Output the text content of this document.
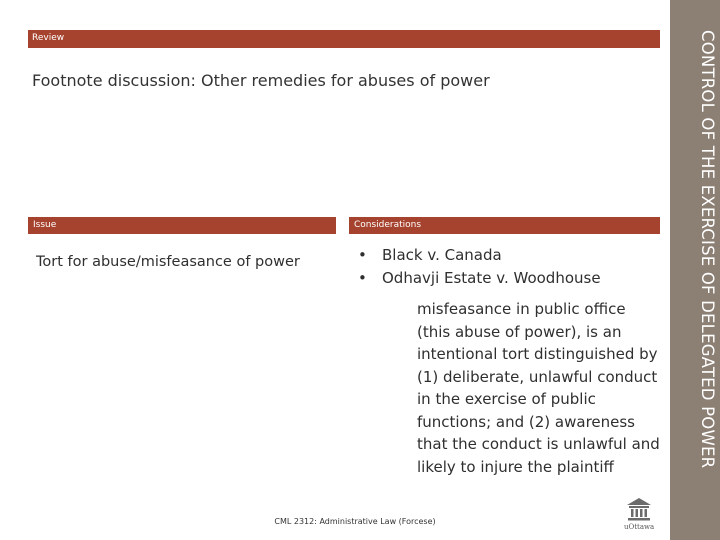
CONTROL OF THE EXERCISE OF DELEGATED POWER
Review
Footnote discussion: Other remedies for abuses of power
Issue	Considerations
Tort for abuse/misfeasance of power
•	Black v. Canada
• Odhavji Estate v. Woodhouse
misfeasance in public office (this abuse of power), is an intentional tort distinguished by (1) deliberate, unlawful conduct in the exercise of public functions; and (2) awareness that the conduct is unlawful and likely to injure the plaintiff
CML 2312: Administrative Law (Forcese)
uOttawa
